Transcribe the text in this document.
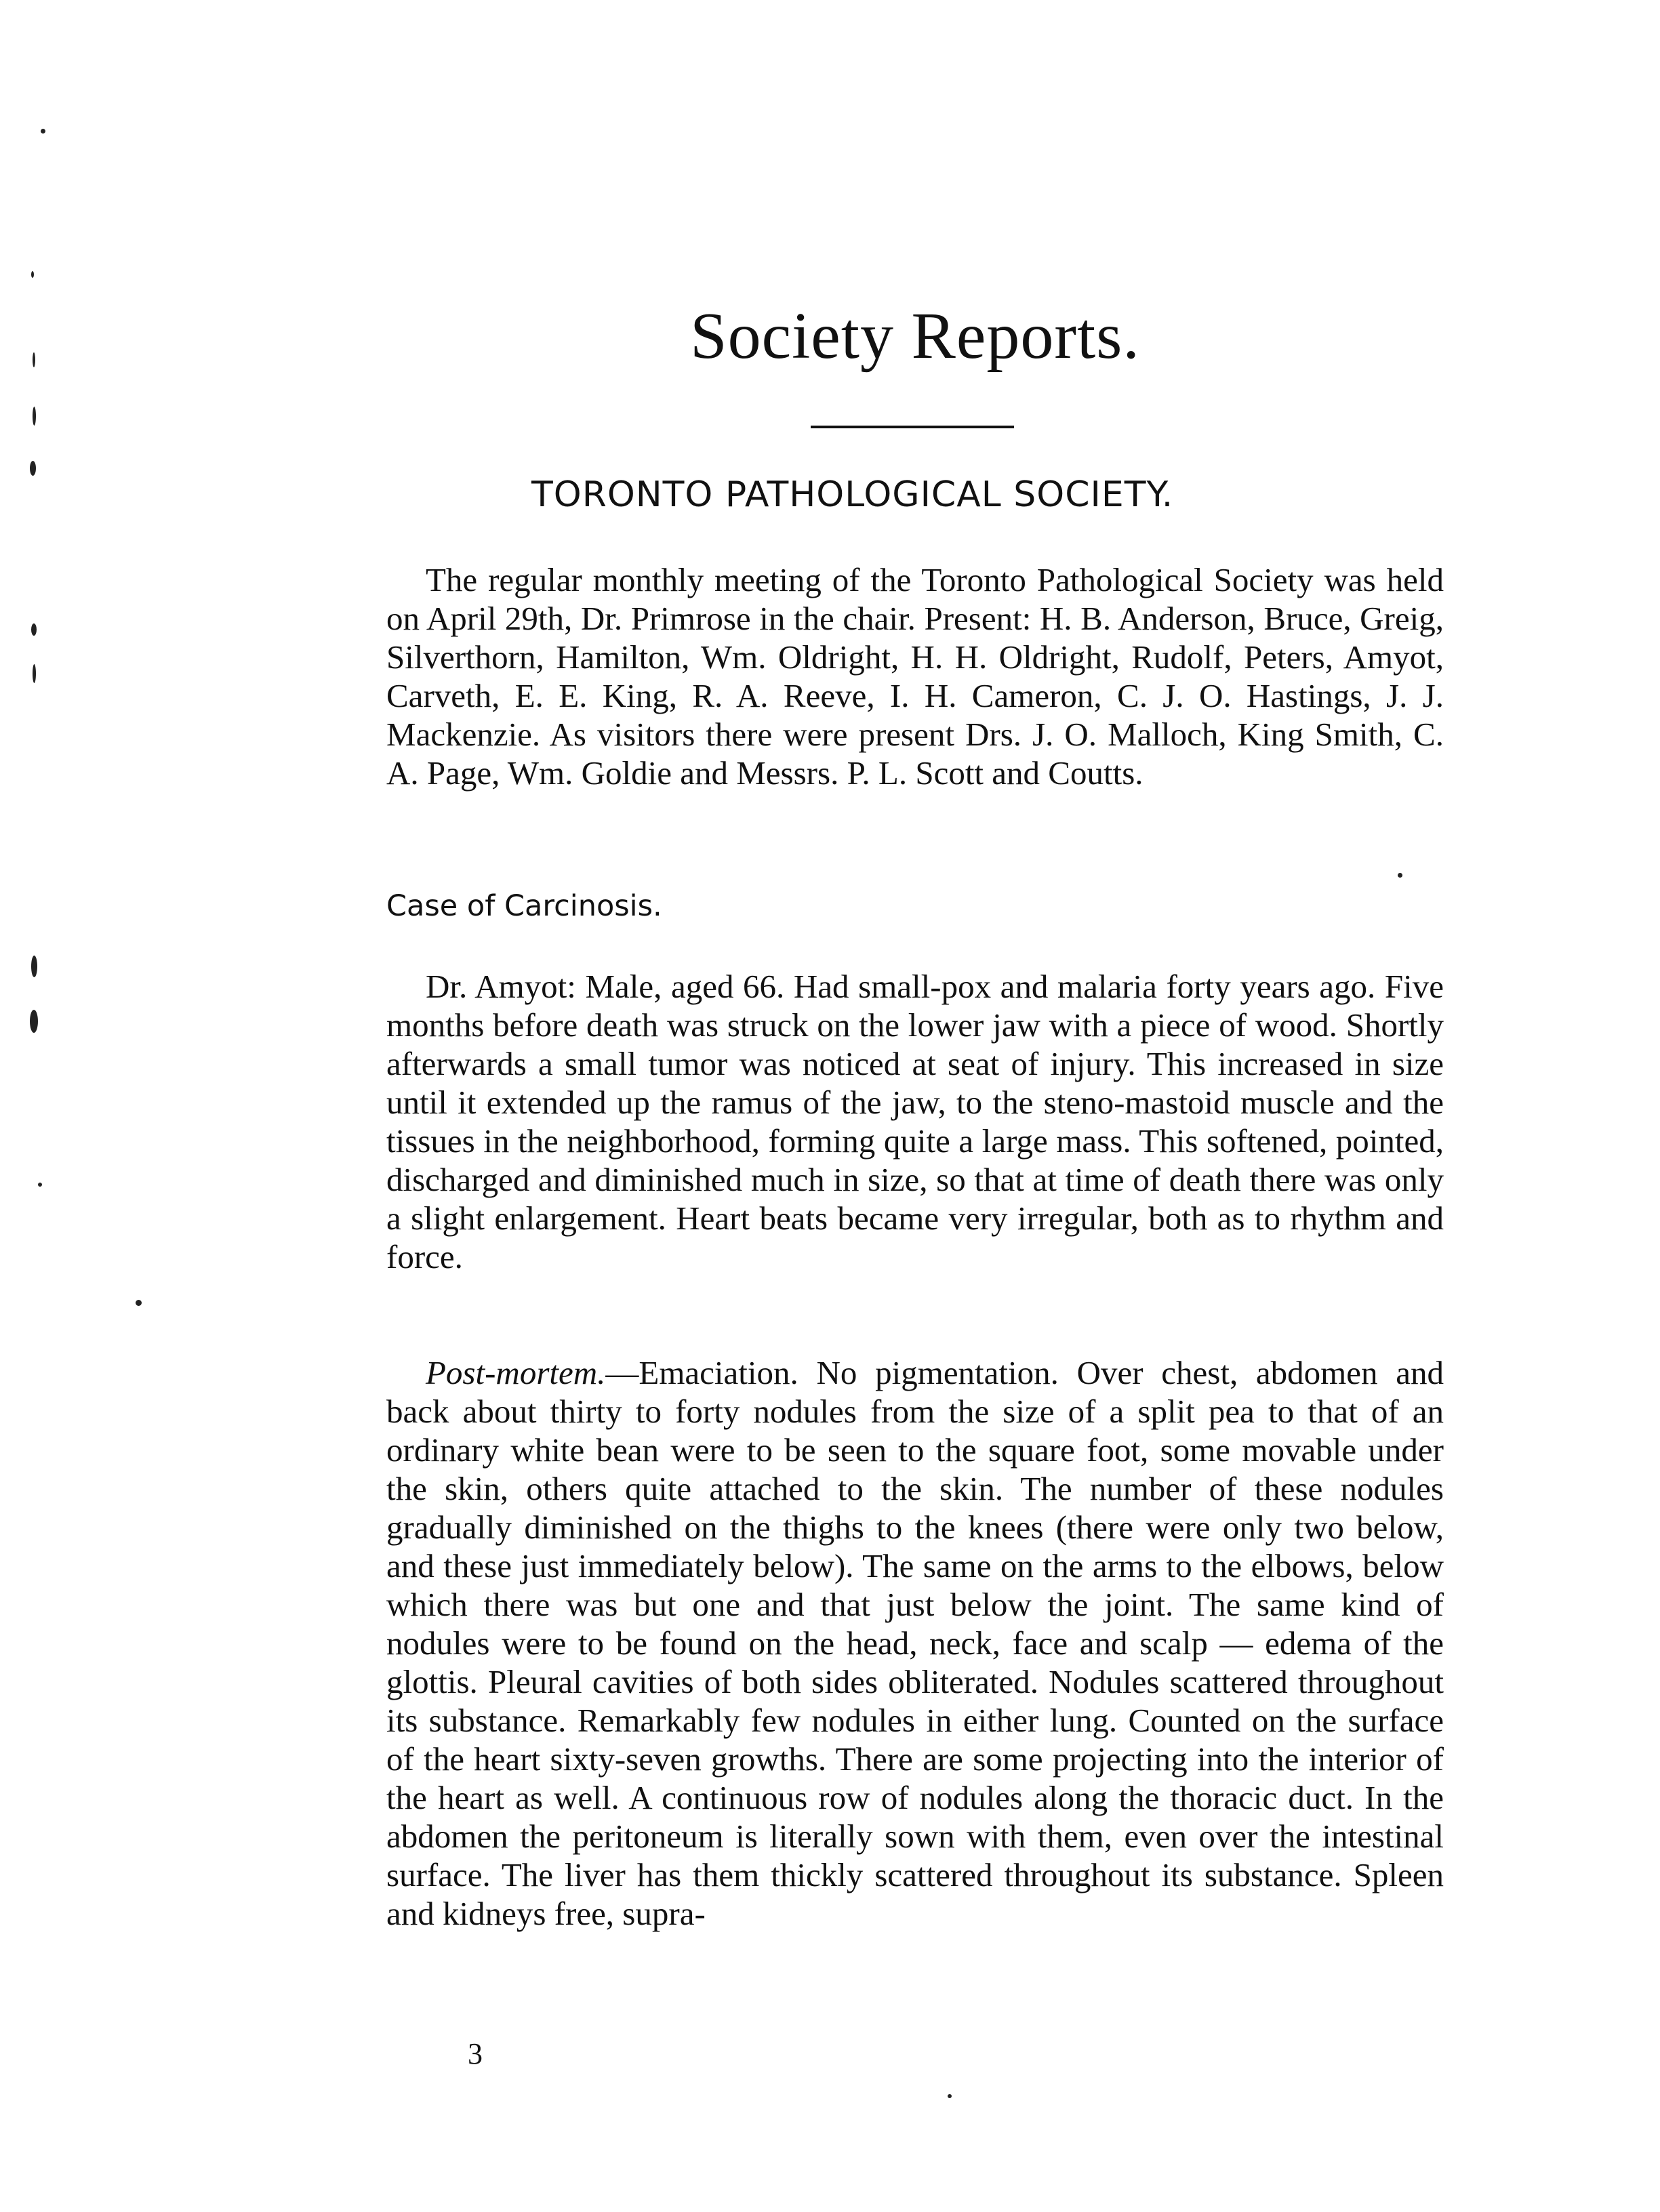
Society Reports.
TORONTO PATHOLOGICAL SOCIETY.

The regular monthly meeting of the Toronto Pathological Society was held on April 29th, Dr. Primrose in the chair. Present: H. B. Anderson, Bruce, Greig, Silverthorn, Hamilton, Wm. Oldright, H. H. Oldright, Rudolf, Peters, Amyot, Carveth, E. E. King, R. A. Reeve, I. H. Cameron, C. J. O. Hastings, J. J. Mackenzie. As visitors there were present Drs. J. O. Malloch, King Smith, C. A. Page, Wm. Goldie and Messrs. P. L. Scott and Coutts.

Case of Carcinosis.

Dr. Amyot: Male, aged 66. Had small-pox and malaria forty years ago. Five months before death was struck on the lower jaw with a piece of wood. Shortly afterwards a small tumor was noticed at seat of injury. This increased in size until it extended up the ramus of the jaw, to the steno-mastoid muscle and the tissues in the neighborhood, forming quite a large mass. This softened, pointed, discharged and diminished much in size, so that at time of death there was only a slight enlargement. Heart beats became very irregular, both as to rhythm and force.

Post-mortem.—Emaciation. No pigmentation. Over chest, abdomen and back about thirty to forty nodules from the size of a split pea to that of an ordinary white bean were to be seen to the square foot, some movable under the skin, others quite attached to the skin. The number of these nodules gradually diminished on the thighs to the knees (there were only two below, and these just immediately below). The same on the arms to the elbows, below which there was but one and that just below the joint. The same kind of nodules were to be found on the head, neck, face and scalp — edema of the glottis. Pleural cavities of both sides obliterated. Nodules scattered throughout its substance. Remarkably few nodules in either lung. Counted on the surface of the heart sixty-seven growths. There are some projecting into the interior of the heart as well. A continuous row of nodules along the thoracic duct. In the abdomen the peritoneum is literally sown with them, even over the intestinal surface. The liver has them thickly scattered throughout its substance. Spleen and kidneys free, supra-

3
